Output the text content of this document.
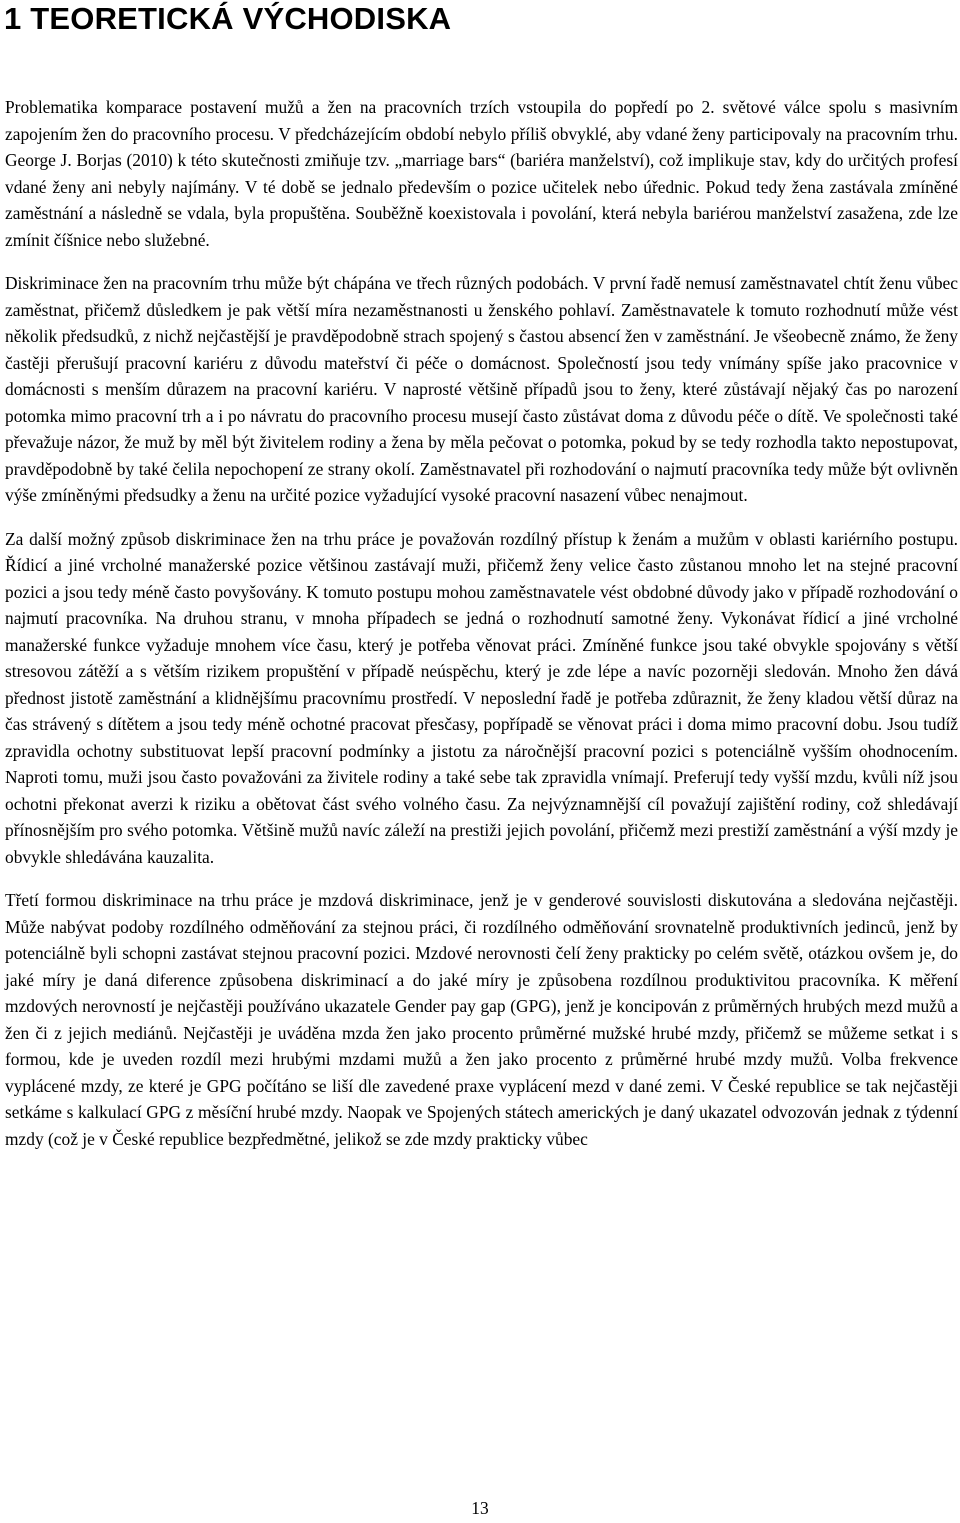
1 TEORETICKÁ VÝCHODISKA

Problematika komparace postavení mužů a žen na pracovních trzích vstoupila do popředí po 2. světové válce spolu s masivním zapojením žen do pracovního procesu. V předcházejícím období nebylo příliš obvyklé, aby vdané ženy participovaly na pracovním trhu. George J. Borjas (2010) k této skutečnosti zmiňuje tzv. „marriage bars“ (bariéra manželství), což implikuje stav, kdy do určitých profesí vdané ženy ani nebyly najímány. V té době se jednalo především o pozice učitelek nebo úřednic. Pokud tedy žena zastávala zmíněné zaměstnání a následně se vdala, byla propuštěna. Souběžně koexistovala i povolání, která nebyla bariérou manželství zasažena, zde lze zmínit číšnice nebo služebné.

Diskriminace žen na pracovním trhu může být chápána ve třech různých podobách. V první řadě nemusí zaměstnavatel chtít ženu vůbec zaměstnat, přičemž důsledkem je pak větší míra nezaměstnanosti u ženského pohlaví. Zaměstnavatele k tomuto rozhodnutí může vést několik předsudků, z nichž nejčastější je pravděpodobně strach spojený s častou absencí žen v zaměstnání. Je všeobecně známo, že ženy častěji přerušují pracovní kariéru z důvodu mateřství či péče o domácnost. Společností jsou tedy vnímány spíše jako pracovnice v domácnosti s menším důrazem na pracovní kariéru. V naprosté většině případů jsou to ženy, které zůstávají nějaký čas po narození potomka mimo pracovní trh a i po návratu do pracovního procesu musejí často zůstávat doma z důvodu péče o dítě. Ve společnosti také převažuje názor, že muž by měl být živitelem rodiny a žena by měla pečovat o potomka, pokud by se tedy rozhodla takto nepostupovat, pravděpodobně by také čelila nepochopení ze strany okolí. Zaměstnavatel při rozhodování o najmutí pracovníka tedy může být ovlivněn výše zmíněnými předsudky a ženu na určité pozice vyžadující vysoké pracovní nasazení vůbec nenajmout.

Za další možný způsob diskriminace žen na trhu práce je považován rozdílný přístup k ženám a mužům v oblasti kariérního postupu. Řídicí a jiné vrcholné manažerské pozice většinou zastávají muži, přičemž ženy velice často zůstanou mnoho let na stejné pracovní pozici a jsou tedy méně často povyšovány. K tomuto postupu mohou zaměstnavatele vést obdobné důvody jako v případě rozhodování o najmutí pracovníka. Na druhou stranu, v mnoha případech se jedná o rozhodnutí samotné ženy. Vykonávat řídicí a jiné vrcholné manažerské funkce vyžaduje mnohem více času, který je potřeba věnovat práci. Zmíněné funkce jsou také obvykle spojovány s větší stresovou zátěží a s větším rizikem propuštění v případě neúspěchu, který je zde lépe a navíc pozorněji sledován. Mnoho žen dává přednost jistotě zaměstnání a klidnějšímu pracovnímu prostředí. V neposlední řadě je potřeba zdůraznit, že ženy kladou větší důraz na čas strávený s dítětem a jsou tedy méně ochotné pracovat přesčasy, popřípadě se věnovat práci i doma mimo pracovní dobu. Jsou tudíž zpravidla ochotny substituovat lepší pracovní podmínky a jistotu za náročnější pracovní pozici s potenciálně vyšším ohodnocením. Naproti tomu, muži jsou často považováni za živitele rodiny a také sebe tak zpravidla vnímají. Preferují tedy vyšší mzdu, kvůli níž jsou ochotni překonat averzi k riziku a obětovat část svého volného času. Za nejvýznamnější cíl považují zajištění rodiny, což shledávají přínosnějším pro svého potomka. Většině mužů navíc záleží na prestiži jejich povolání, přičemž mezi prestiží zaměstnání a výší mzdy je obvykle shledávána kauzalita.

Třetí formou diskriminace na trhu práce je mzdová diskriminace, jenž je v genderové souvislosti diskutována a sledována nejčastěji. Může nabývat podoby rozdílného odměňování za stejnou práci, či rozdílného odměňování srovnatelně produktivních jedinců, jenž by potenciálně byli schopni zastávat stejnou pracovní pozici. Mzdové nerovnosti čelí ženy prakticky po celém světě, otázkou ovšem je, do jaké míry je daná diference způsobena diskriminací a do jaké míry je způsobena rozdílnou produktivitou pracovníka. K měření mzdových nerovností je nejčastěji používáno ukazatele Gender pay gap (GPG), jenž je koncipován z průměrných hrubých mezd mužů a žen či z jejich mediánů. Nejčastěji je uváděna mzda žen jako procento průměrné mužské hrubé mzdy, přičemž se můžeme setkat i s formou, kde je uveden rozdíl mezi hrubými mzdami mužů a žen jako procento z průměrné hrubé mzdy mužů. Volba frekvence vyplácené mzdy, ze které je GPG počítáno se liší dle zavedené praxe vyplácení mezd v dané zemi. V České republice se tak nejčastěji setkáme s kalkulací GPG z měsíční hrubé mzdy. Naopak ve Spojených státech amerických je daný ukazatel odvozován jednak z týdenní mzdy (což je v České republice bezpředmětné, jelikož se zde mzdy prakticky vůbec

13
